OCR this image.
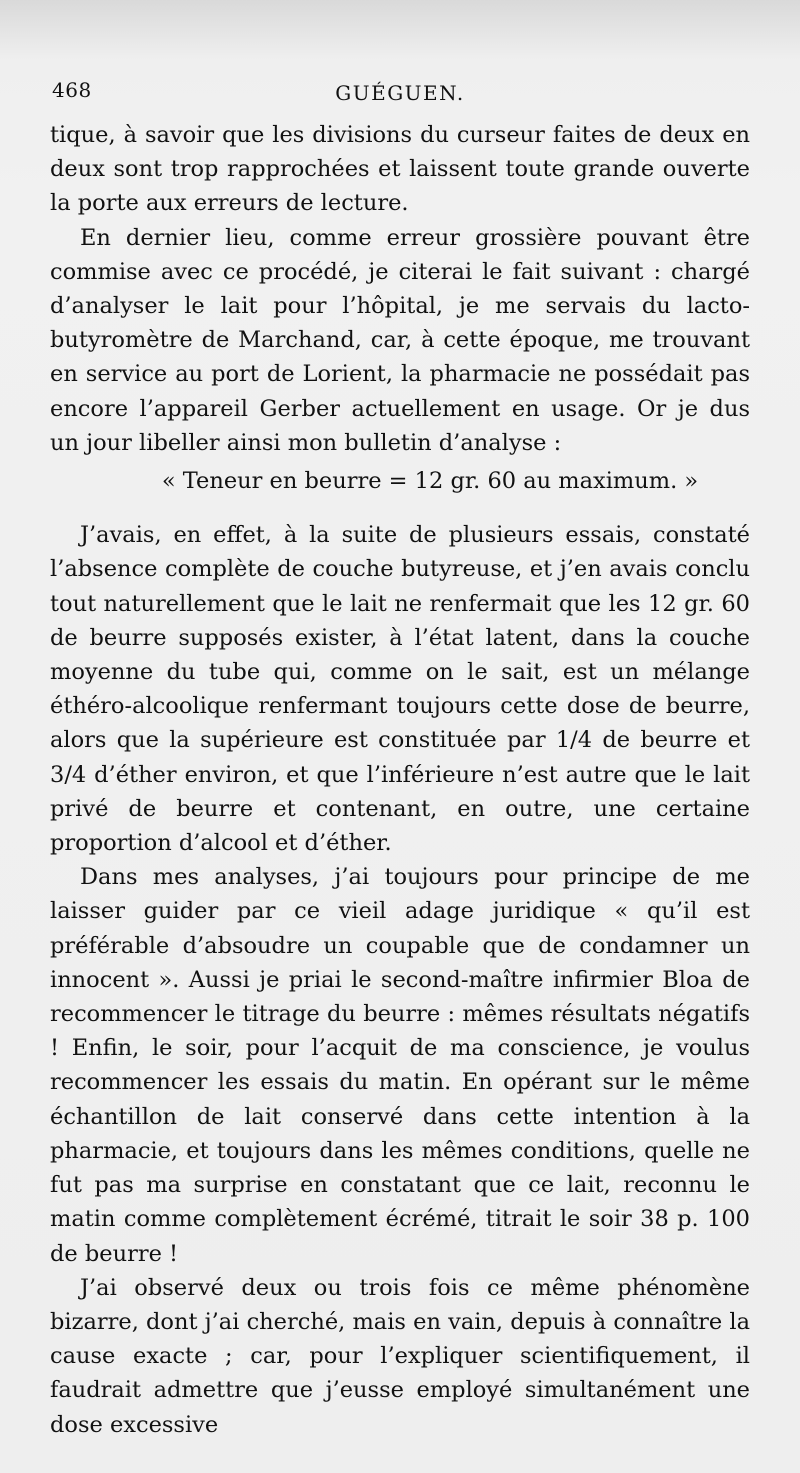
468	GUÉGUEN.

tique, à savoir que les divisions du curseur faites de deux en deux sont trop rapprochées et laissent toute grande ouverte la porte aux erreurs de lecture.

En dernier lieu, comme erreur grossière pouvant être commise avec ce procédé, je citerai le fait suivant : chargé d’analyser le lait pour l’hôpital, je me servais du lacto-butyromètre de Marchand, car, à cette époque, me trouvant en service au port de Lorient, la pharmacie ne possédait pas encore l’appareil Gerber actuellement en usage. Or je dus un jour libeller ainsi mon bulletin d’analyse :

« Teneur en beurre = 12 gr. 60 au maximum. »

J’avais, en effet, à la suite de plusieurs essais, constaté l’absence complète de couche butyreuse, et j’en avais conclu tout naturellement que le lait ne renfermait que les 12 gr. 60 de beurre supposés exister, à l’état latent, dans la couche moyenne du tube qui, comme on le sait, est un mélange éthéro-alcoolique renfermant toujours cette dose de beurre, alors que la supérieure est constituée par 1/4 de beurre et 3/4 d’éther environ, et que l’inférieure n’est autre que le lait privé de beurre et contenant, en outre, une certaine proportion d’alcool et d’éther.

Dans mes analyses, j’ai toujours pour principe de me laisser guider par ce vieil adage juridique « qu’il est préférable d’absoudre un coupable que de condamner un innocent ». Aussi je priai le second-maître infirmier Bloa de recommencer le titrage du beurre : mêmes résultats négatifs ! Enfin, le soir, pour l’acquit de ma conscience, je voulus recommencer les essais du matin. En opérant sur le même échantillon de lait conservé dans cette intention à la pharmacie, et toujours dans les mêmes conditions, quelle ne fut pas ma surprise en constatant que ce lait, reconnu le matin comme complètement écrémé, titrait le soir 38 p. 100 de beurre !

J’ai observé deux ou trois fois ce même phénomène bizarre, dont j’ai cherché, mais en vain, depuis à connaître la cause exacte ; car, pour l’expliquer scientifiquement, il faudrait admettre que j’eusse employé simultanément une dose excessive
